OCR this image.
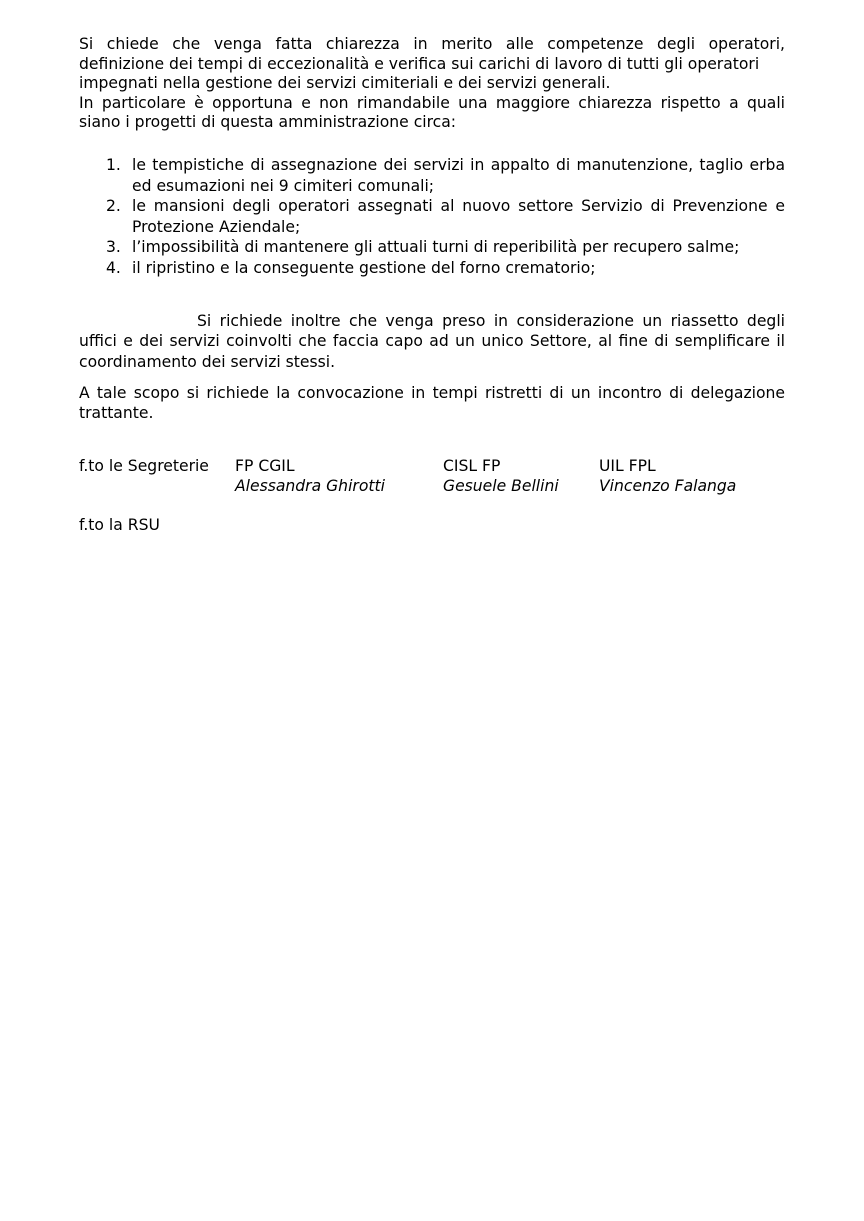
Si chiede che venga fatta chiarezza in merito alle competenze degli operatori,
definizione dei tempi di eccezionalità e verifica sui carichi di lavoro di tutti gli operatori
impegnati nella gestione dei servizi cimiteriali e dei servizi generali.
In particolare è opportuna e non rimandabile una maggiore chiarezza rispetto a quali
siano i progetti di questa amministrazione circa:

1. le tempistiche di assegnazione dei servizi in appalto di manutenzione, taglio erba ed esumazioni nei 9 cimiteri comunali;
2. le mansioni degli operatori assegnati al nuovo settore Servizio di Prevenzione e Protezione Aziendale;
3. l’impossibilità di mantenere gli attuali turni di reperibilità per recupero salme;
4. il ripristino e la conseguente gestione del forno crematorio;

Si richiede inoltre che venga preso in considerazione un riassetto degli uffici e dei servizi coinvolti che faccia capo ad un unico Settore, al fine di semplificare il coordinamento dei servizi stessi.

A tale scopo si richiede la convocazione in tempi ristretti di un incontro di delegazione trattante.

f.to le Segreterie FP CGIL
Alessandra Ghirotti
CISL FP
Gesuele Bellini
UIL FPL
Vincenzo Falanga
f.to la RSU
